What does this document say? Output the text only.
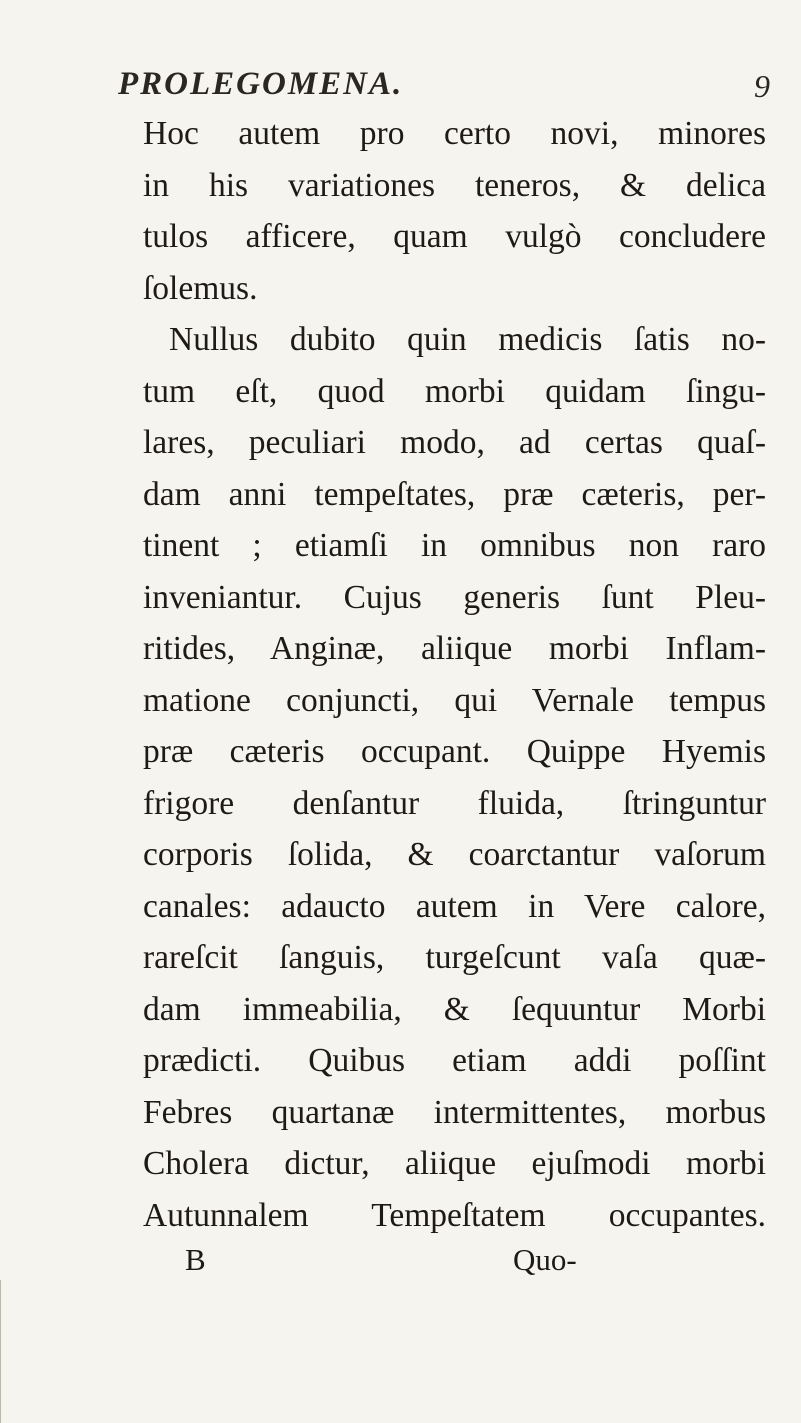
PROLEGOMENA.	9
Hoc autem pro certo novi, minores
in his variationes teneros, & delica
tulos afficere, quam vulgò concludere
ſolemus.
Nullus dubito quin medicis ſatis no-
tum eſt, quod morbi quidam ſingu-
lares, peculiari modo, ad certas quaſ-
dam anni tempeſtates, præ cæteris, per-
tinent ; etiamſi in omnibus non raro
inveniantur. Cujus generis ſunt Pleu-
ritides, Anginæ, aliique morbi Inflam-
matione conjuncti, qui Vernale tempus
præ cæteris occupant. Quippe Hyemis
frigore denſantur fluida, ſtringuntur
corporis ſolida, & coarctantur vaſorum
canales: adaucto autem in Vere calore,
rareſcit ſanguis, turgeſcunt vaſa quæ-
dam immeabilia, & ſequuntur Morbi
prædicti. Quibus etiam addi poſſint
Febres quartanæ intermittentes, morbus
Cholera dictur, aliique ejuſmodi morbi
Autunnalem Tempeſtatem occupantes.
B	Quo-
